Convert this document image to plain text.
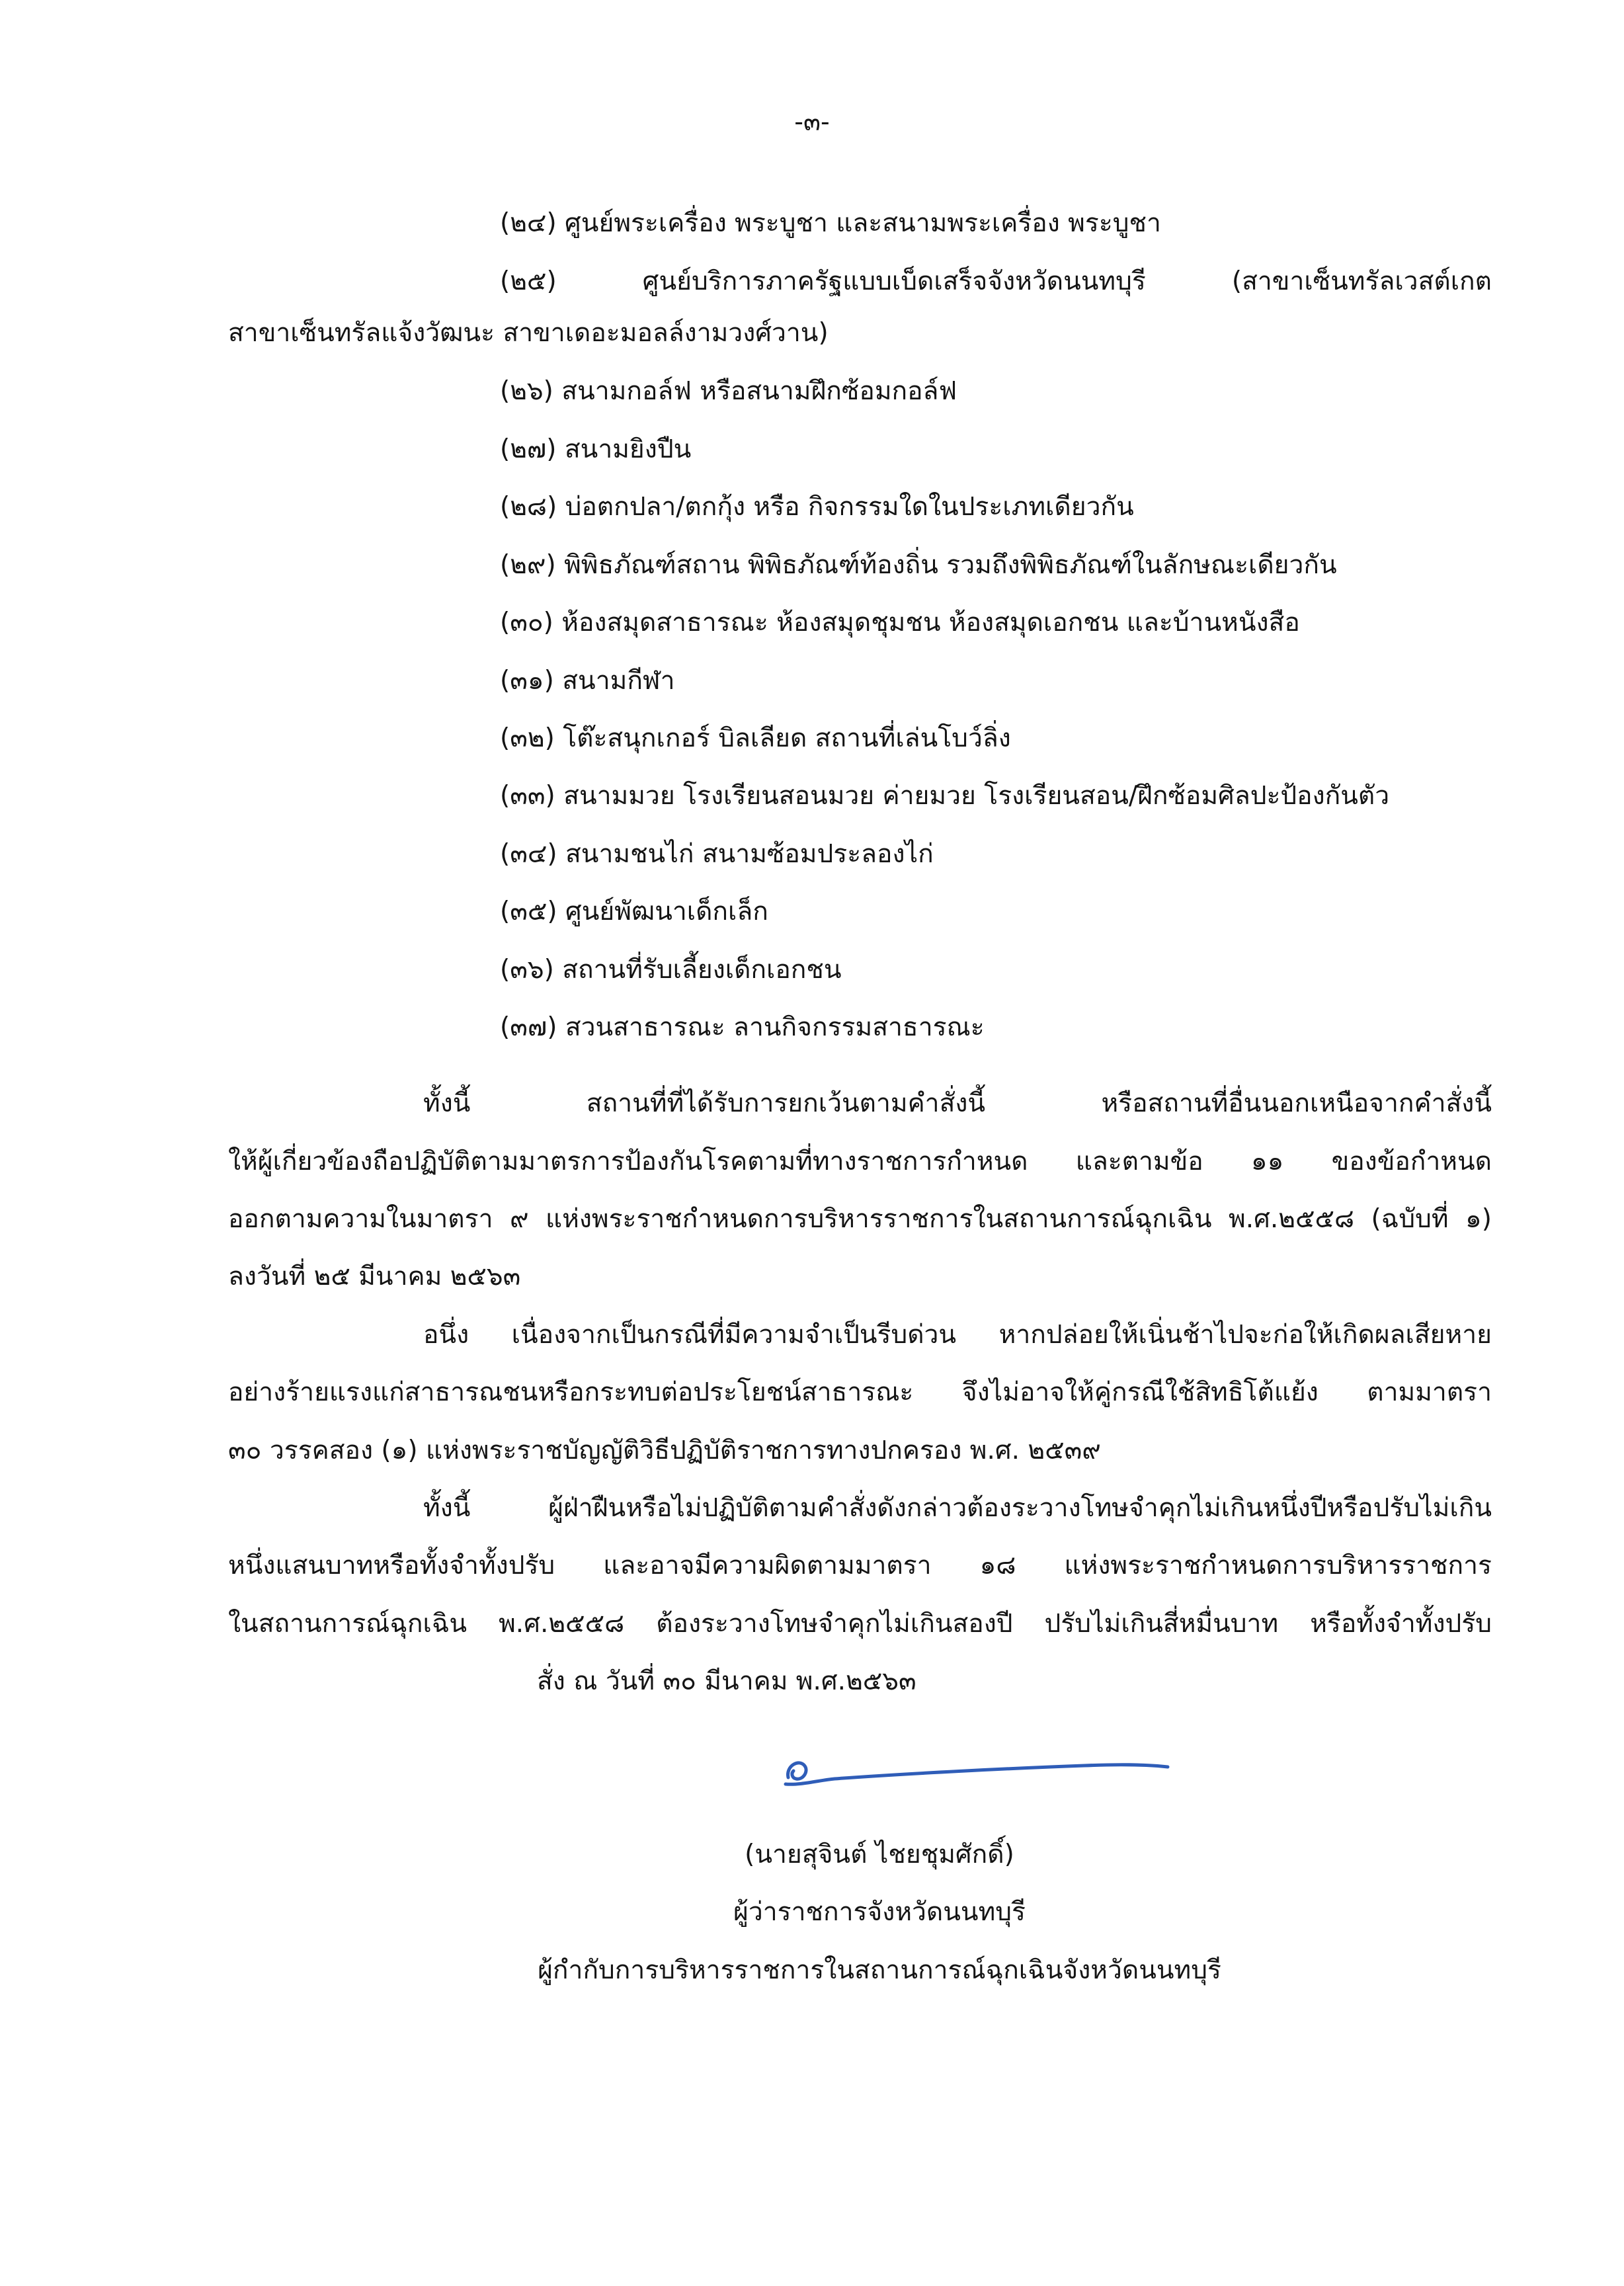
-๓-
(๒๔) ศูนย์พระเครื่อง พระบูชา และสนามพระเครื่อง พระบูชา
(๒๕) ศูนย์บริการภาครัฐแบบเบ็ดเสร็จจังหวัดนนทบุรี (สาขาเซ็นทรัลเวสต์เกต
สาขาเซ็นทรัลแจ้งวัฒนะ สาขาเดอะมอลล์งามวงศ์วาน)
(๒๖) สนามกอล์ฟ หรือสนามฝึกซ้อมกอล์ฟ
(๒๗) สนามยิงปืน
(๒๘) บ่อตกปลา/ตกกุ้ง หรือ กิจกรรมใดในประเภทเดียวกัน
(๒๙) พิพิธภัณฑ์สถาน พิพิธภัณฑ์ท้องถิ่น รวมถึงพิพิธภัณฑ์ในลักษณะเดียวกัน
(๓๐) ห้องสมุดสาธารณะ ห้องสมุดชุมชน ห้องสมุดเอกชน และบ้านหนังสือ
(๓๑) สนามกีฬา
(๓๒) โต๊ะสนุกเกอร์ บิลเลียด สถานที่เล่นโบว์ลิ่ง
(๓๓) สนามมวย โรงเรียนสอนมวย ค่ายมวย โรงเรียนสอน/ฝึกซ้อมศิลปะป้องกันตัว
(๓๔) สนามชนไก่ สนามซ้อมประลองไก่
(๓๕) ศูนย์พัฒนาเด็กเล็ก
(๓๖) สถานที่รับเลี้ยงเด็กเอกชน
(๓๗) สวนสาธารณะ ลานกิจกรรมสาธารณะ
ทั้งนี้ สถานที่ที่ได้รับการยกเว้นตามคำสั่งนี้ หรือสถานที่อื่นนอกเหนือจากคำสั่งนี้
ให้ผู้เกี่ยวข้องถือปฏิบัติตามมาตรการป้องกันโรคตามที่ทางราชการกำหนด และตามข้อ ๑๑ ของข้อกำหนด
ออกตามความในมาตรา ๙ แห่งพระราชกำหนดการบริหารราชการในสถานการณ์ฉุกเฉิน พ.ศ.๒๕๕๘ (ฉบับที่ ๑)
ลงวันที่ ๒๕ มีนาคม ๒๕๖๓
อนึ่ง เนื่องจากเป็นกรณีที่มีความจำเป็นรีบด่วน หากปล่อยให้เนิ่นช้าไปจะก่อให้เกิดผลเสียหาย
อย่างร้ายแรงแก่สาธารณชนหรือกระทบต่อประโยชน์สาธารณะ จึงไม่อาจให้คู่กรณีใช้สิทธิโต้แย้ง ตามมาตรา
๓๐ วรรคสอง (๑) แห่งพระราชบัญญัติวิธีปฏิบัติราชการทางปกครอง พ.ศ. ๒๕๓๙
ทั้งนี้ ผู้ฝ่าฝืนหรือไม่ปฏิบัติตามคำสั่งดังกล่าวต้องระวางโทษจำคุกไม่เกินหนึ่งปีหรือปรับไม่เกิน
หนึ่งแสนบาทหรือทั้งจำทั้งปรับ และอาจมีความผิดตามมาตรา ๑๘ แห่งพระราชกำหนดการบริหารราชการ
ในสถานการณ์ฉุกเฉิน พ.ศ.๒๕๕๘ ต้องระวางโทษจำคุกไม่เกินสองปี ปรับไม่เกินสี่หมื่นบาท หรือทั้งจำทั้งปรับ
สั่ง ณ วันที่ ๓๐ มีนาคม พ.ศ.๒๕๖๓
(นายสุจินต์ ไชยชุมศักดิ์)
ผู้ว่าราชการจังหวัดนนทบุรี
ผู้กำกับการบริหารราชการในสถานการณ์ฉุกเฉินจังหวัดนนทบุรี
